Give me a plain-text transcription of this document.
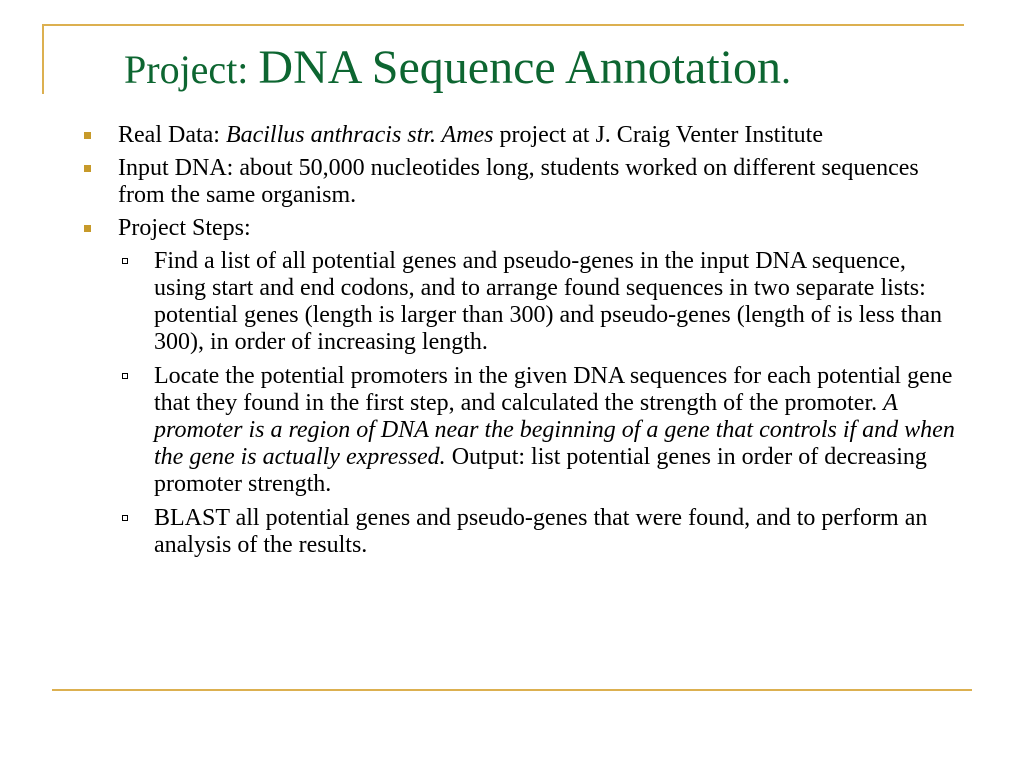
Project: DNA Sequence Annotation.
Real Data: Bacillus anthracis str. Ames project at J. Craig Venter Institute
Input DNA: about 50,000 nucleotides long, students worked on different sequences from the same organism.
Project Steps:
Find a list of all potential genes and pseudo-genes in the input DNA sequence, using start and end codons, and to arrange found sequences in two separate lists: potential genes (length is larger than 300) and pseudo-genes (length of is less than 300), in order of increasing length.
Locate the potential promoters in the given DNA sequences for each potential gene that they found in the first step, and calculated the strength of the promoter. A promoter is a region of DNA near the beginning of a gene that controls if and when the gene is actually expressed. Output: list potential genes in order of decreasing promoter strength.
BLAST all potential genes and pseudo-genes that were found, and to perform an analysis of the results.
